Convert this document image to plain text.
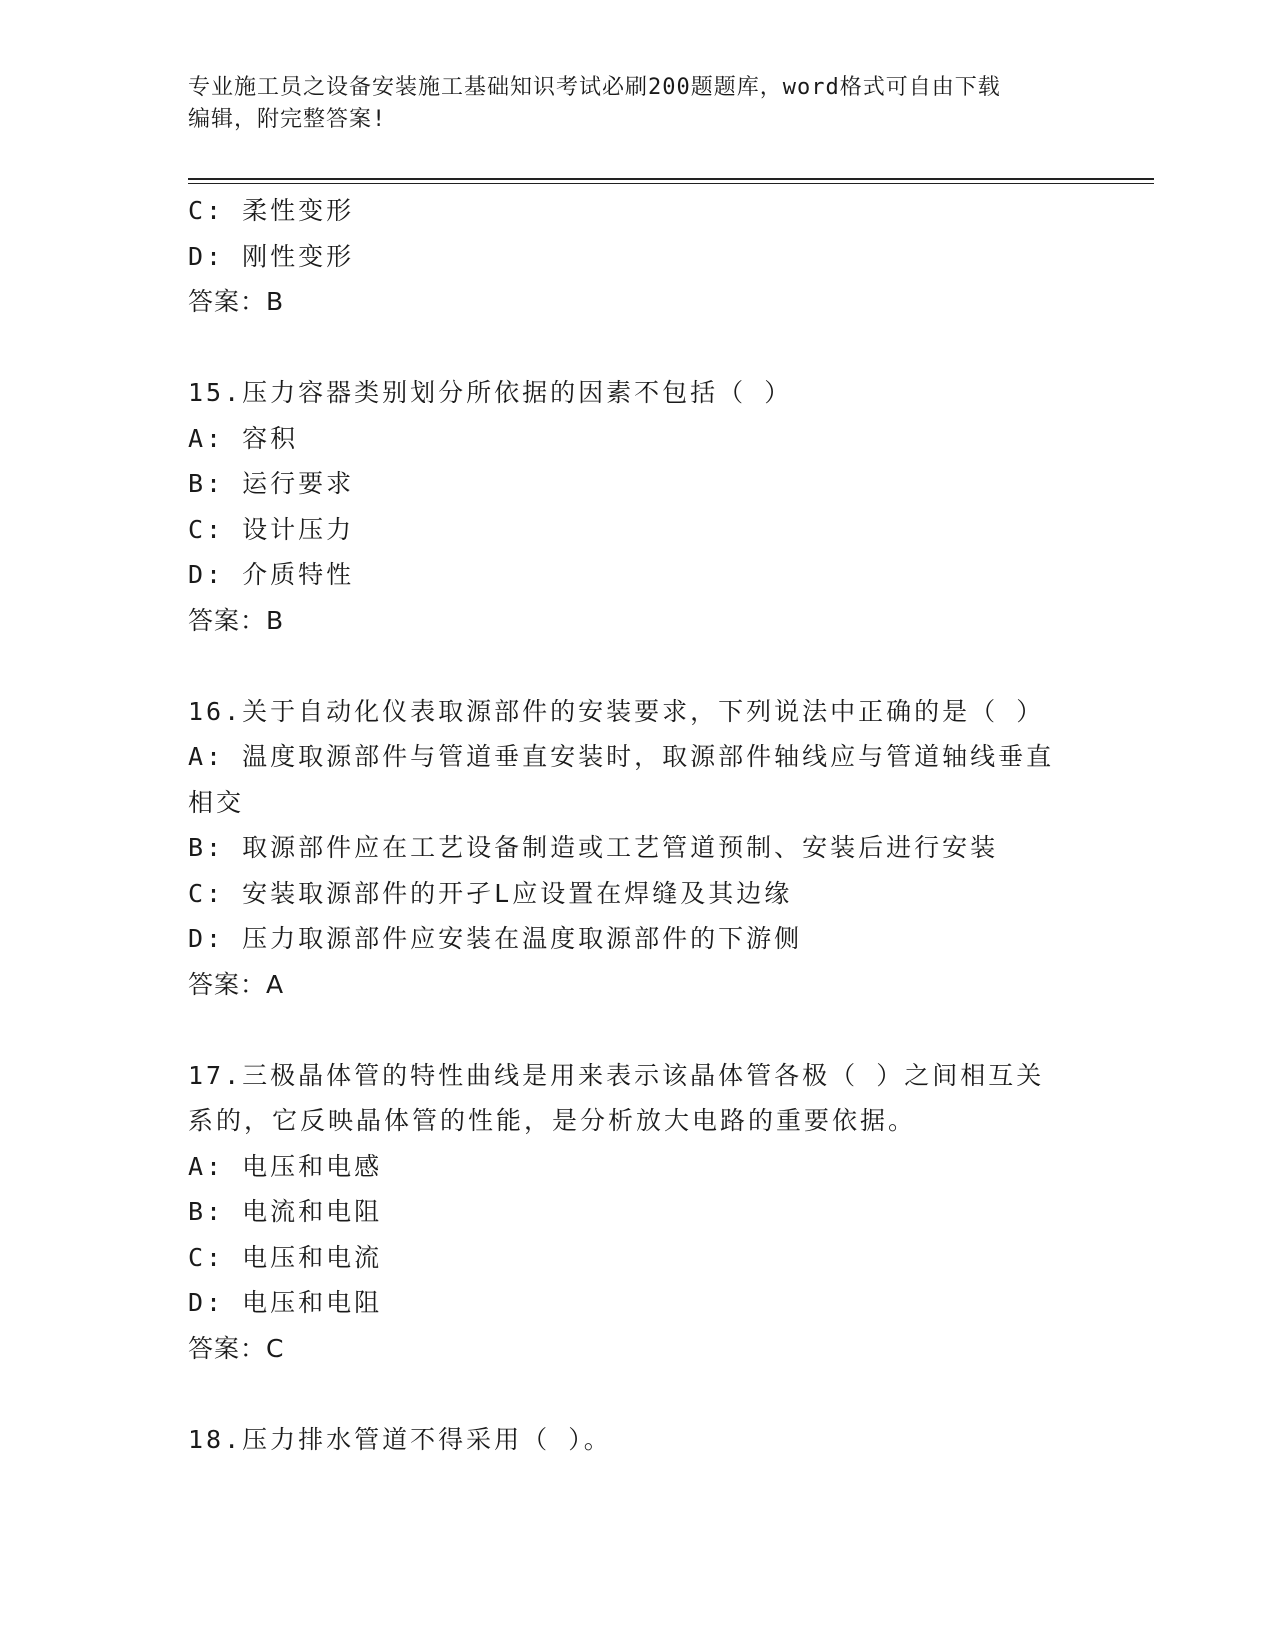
专业施工员之设备安装施工基础知识考试必刷200题题库，word格式可自由下载
编辑，附完整答案!
C: 柔性变形
D: 刚性变形
答案：B
15.压力容器类别划分所依据的因素不包括（ ）
A: 容积
B: 运行要求
C: 设计压力
D: 介质特性
答案：B
16.关于自动化仪表取源部件的安装要求，下列说法中正确的是（ ）
A: 温度取源部件与管道垂直安装时，取源部件轴线应与管道轴线垂直
相交
B: 取源部件应在工艺设备制造或工艺管道预制、安装后进行安装
C: 安装取源部件的开孑L应设置在焊缝及其边缘
D: 压力取源部件应安装在温度取源部件的下游侧
答案：A
17.三极晶体管的特性曲线是用来表示该晶体管各极（ ）之间相互关
系的，它反映晶体管的性能，是分析放大电路的重要依据。
A: 电压和电感
B: 电流和电阻
C: 电压和电流
D: 电压和电阻
答案：C
18.压力排水管道不得采用（ ）。
